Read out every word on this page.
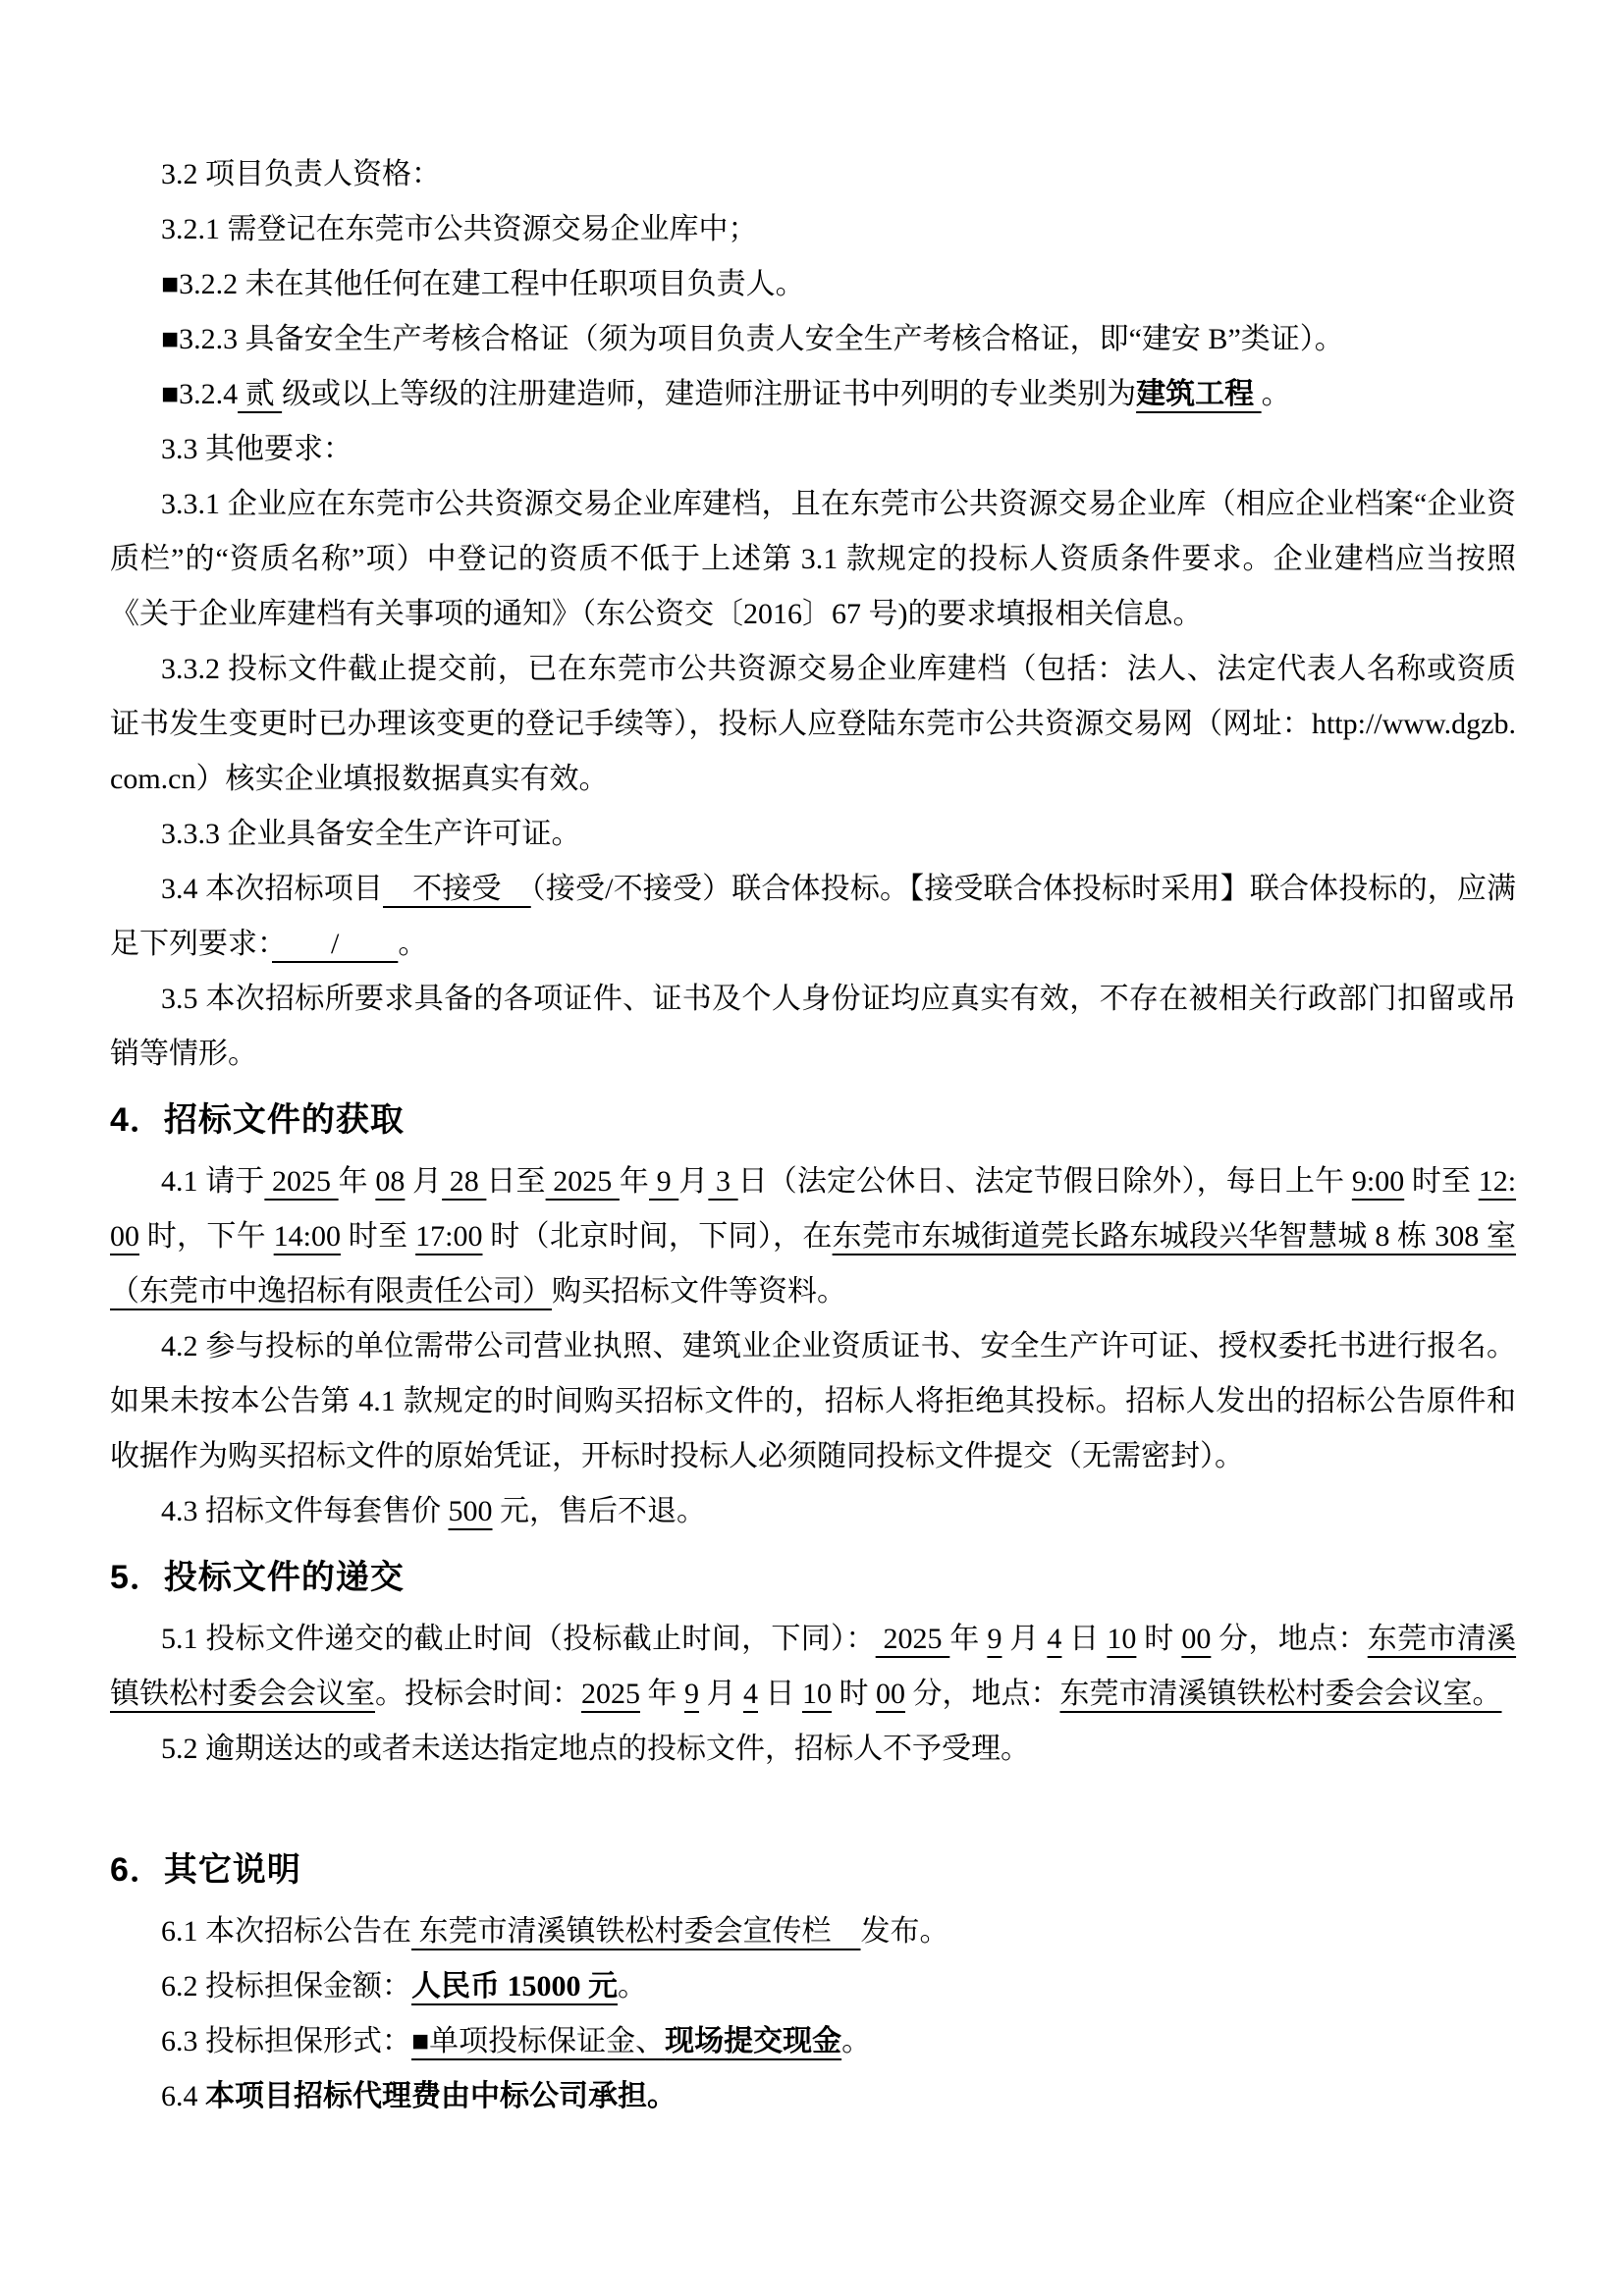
3.2 项目负责人资格：

3.2.1 需登记在东莞市公共资源交易企业库中；

■3.2.2 未在其他任何在建工程中任职项目负责人。

■3.2.3 具备安全生产考核合格证（须为项目负责人安全生产考核合格证，即“建安 B”类证）。

■3.2.4 贰 级或以上等级的注册建造师，建造师注册证书中列明的专业类别为建筑工程 。

3.3 其他要求：

3.3.1 企业应在东莞市公共资源交易企业库建档，且在东莞市公共资源交易企业库（相应企业档案“企业资质栏”的“资质名称”项）中登记的资质不低于上述第 3.1 款规定的投标人资质条件要求。企业建档应当按照《关于企业库建档有关事项的通知》（东公资交〔2016〕67 号)的要求填报相关信息。

3.3.2 投标文件截止提交前，已在东莞市公共资源交易企业库建档（包括：法人、法定代表人名称或资质证书发生变更时已办理该变更的登记手续等），投标人应登陆东莞市公共资源交易网（网址：http://www.dgzb.com.cn）核实企业填报数据真实有效。

3.3.3 企业具备安全生产许可证。

3.4 本次招标项目　不接受　（接受/不接受）联合体投标。【接受联合体投标时采用】联合体投标的，应满足下列要求：　　/　　。

3.5 本次招标所要求具备的各项证件、证书及个人身份证均应真实有效，不存在被相关行政部门扣留或吊销等情形。

4．招标文件的获取

4.1 请于 2025 年 08 月 28 日至 2025 年 9 月 3 日（法定公休日、法定节假日除外），每日上午 9:00 时至 12:00 时，下午 14:00 时至 17:00 时（北京时间，下同），在东莞市东城街道莞长路东城段兴华智慧城 8 栋 308 室（东莞市中逸招标有限责任公司）购买招标文件等资料。

4.2 参与投标的单位需带公司营业执照、建筑业企业资质证书、安全生产许可证、授权委托书进行报名。如果未按本公告第 4.1 款规定的时间购买招标文件的，招标人将拒绝其投标。招标人发出的招标公告原件和收据作为购买招标文件的原始凭证，开标时投标人必须随同投标文件提交（无需密封）。

4.3 招标文件每套售价 500 元，售后不退。

5．投标文件的递交

5.1 投标文件递交的截止时间（投标截止时间，下同）： 2025 年 9 月 4 日 10 时 00 分，地点：东莞市清溪镇铁松村委会会议室。投标会时间：2025 年 9 月 4 日 10 时 00 分，地点：东莞市清溪镇铁松村委会会议室。

5.2 逾期送达的或者未送达指定地点的投标文件，招标人不予受理。

6．其它说明

6.1 本次招标公告在 东莞市清溪镇铁松村委会宣传栏　发布。

6.2 投标担保金额：人民币 15000 元。

6.3 投标担保形式：■单项投标保证金、现场提交现金。

6.4 本项目招标代理费由中标公司承担。
